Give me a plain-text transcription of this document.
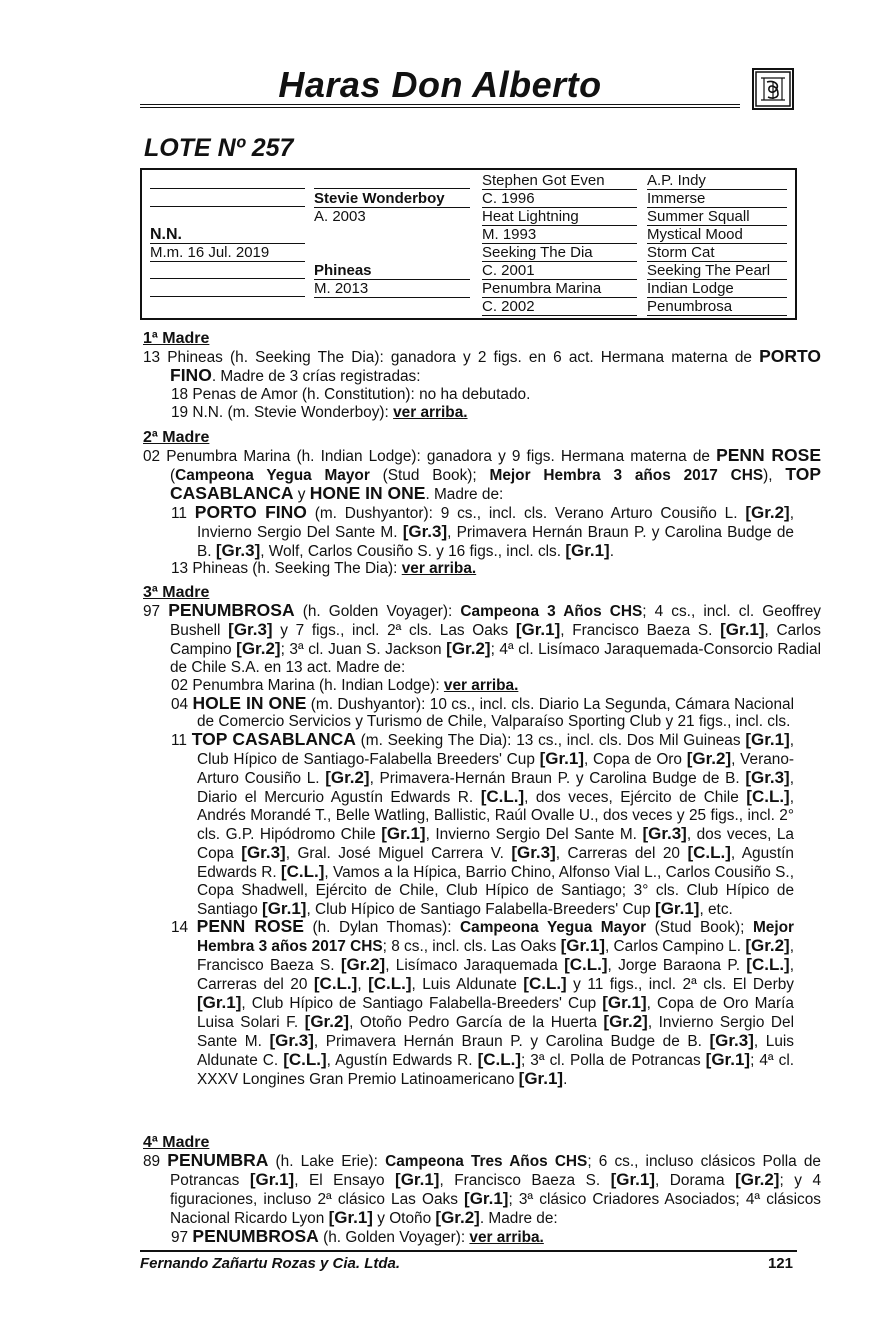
Haras Don Alberto
LOTE Nº 257
N.N.
M.m. 16 Jul. 2019
Stevie Wonderboy
A. 2003
Phineas
M. 2013
Stephen Got Even
C. 1996
Heat Lightning
M. 1993
Seeking The Dia
C. 2001
Penumbra Marina
C. 2002
A.P. Indy
Immerse
Summer Squall
Mystical Mood
Storm Cat
Seeking The Pearl
Indian Lodge
Penumbrosa
1ª Madre
13 Phineas (h. Seeking The Dia): ganadora y 2 figs. en 6 act. Hermana materna de PORTO FINO. Madre de 3 crías registradas:
18 Penas de Amor (h. Constitution): no ha debutado.
19 N.N. (m. Stevie Wonderboy): ver arriba.
2ª Madre
02 Penumbra Marina (h. Indian Lodge): ganadora y 9 figs. Hermana materna de PENN ROSE (Campeona Yegua Mayor (Stud Book); Mejor Hembra 3 años 2017 CHS), TOP CASABLANCA y HONE IN ONE. Madre de:
11 PORTO FINO (m. Dushyantor): 9 cs., incl. cls. Verano Arturo Cousiño L. [Gr.2], Invierno Sergio Del Sante M. [Gr.3], Primavera Hernán Braun P. y Carolina Budge de B. [Gr.3], Wolf, Carlos Cousiño S. y 16 figs., incl. cls. [Gr.1].
13 Phineas (h. Seeking The Dia): ver arriba.
3ª Madre
97 PENUMBROSA (h. Golden Voyager): Campeona 3 Años CHS; 4 cs., incl. cl. Geoffrey Bushell [Gr.3] y 7 figs., incl. 2ª cls. Las Oaks [Gr.1], Francisco Baeza S. [Gr.1], Carlos Campino [Gr.2]; 3ª cl. Juan S. Jackson [Gr.2]; 4ª cl. Lisímaco Jaraquemada-Consorcio Radial de Chile S.A. en 13 act. Madre de:
02 Penumbra Marina (h. Indian Lodge): ver arriba.
04 HOLE IN ONE (m. Dushyantor): 10 cs., incl. cls. Diario La Segunda, Cámara Nacional de Comercio Servicios y Turismo de Chile, Valparaíso Sporting Club y 21 figs., incl. cls.
11 TOP CASABLANCA (m. Seeking The Dia): 13 cs., incl. cls. Dos Mil Guineas [Gr.1], Club Hípico de Santiago-Falabella Breeders' Cup [Gr.1], Copa de Oro [Gr.2], Verano-Arturo Cousiño L. [Gr.2], Primavera-Hernán Braun P. y Carolina Budge de B. [Gr.3], Diario el Mercurio Agustín Edwards R. [C.L.], dos veces, Ejército de Chile [C.L.], Andrés Morandé T., Belle Watling, Ballistic, Raúl Ovalle U., dos veces y 25 figs., incl. 2° cls. G.P. Hipódromo Chile [Gr.1], Invierno Sergio Del Sante M. [Gr.3], dos veces, La Copa [Gr.3], Gral. José Miguel Carrera V. [Gr.3], Carreras del 20 [C.L.], Agustín Edwards R. [C.L.], Vamos a la Hípica, Barrio Chino, Alfonso Vial L., Carlos Cousiño S., Copa Shadwell, Ejército de Chile, Club Hípico de Santiago; 3° cls. Club Hípico de Santiago [Gr.1], Club Hípico de Santiago Falabella-Breeders' Cup [Gr.1], etc.
14 PENN ROSE (h. Dylan Thomas): Campeona Yegua Mayor (Stud Book); Mejor Hembra 3 años 2017 CHS; 8 cs., incl. cls. Las Oaks [Gr.1], Carlos Campino L. [Gr.2], Francisco Baeza S. [Gr.2], Lisímaco Jaraquemada [C.L.], Jorge Baraona P. [C.L.], Carreras del 20 [C.L.], [C.L.], Luis Aldunate [C.L.] y 11 figs., incl. 2ª cls. El Derby [Gr.1], Club Hípico de Santiago Falabella-Breeders' Cup [Gr.1], Copa de Oro María Luisa Solari F. [Gr.2], Otoño Pedro García de la Huerta [Gr.2], Invierno Sergio Del Sante M. [Gr.3], Primavera Hernán Braun P. y Carolina Budge de B. [Gr.3], Luis Aldunate C. [C.L.], Agustín Edwards R. [C.L.]; 3ª cl. Polla de Potrancas [Gr.1]; 4ª cl. XXXV Longines Gran Premio Latinoamericano [Gr.1].
4ª Madre
89 PENUMBRA (h. Lake Erie): Campeona Tres Años CHS; 6 cs., incluso clásicos Polla de Potrancas [Gr.1], El Ensayo [Gr.1], Francisco Baeza S. [Gr.1], Dorama [Gr.2]; y 4 figuraciones, incluso 2ª clásico Las Oaks [Gr.1]; 3ª clásico Criadores Asociados; 4ª clásicos Nacional Ricardo Lyon [Gr.1] y Otoño [Gr.2]. Madre de:
97 PENUMBROSA (h. Golden Voyager): ver arriba.
Fernando Zañartu Rozas y Cia. Ltda.	121
